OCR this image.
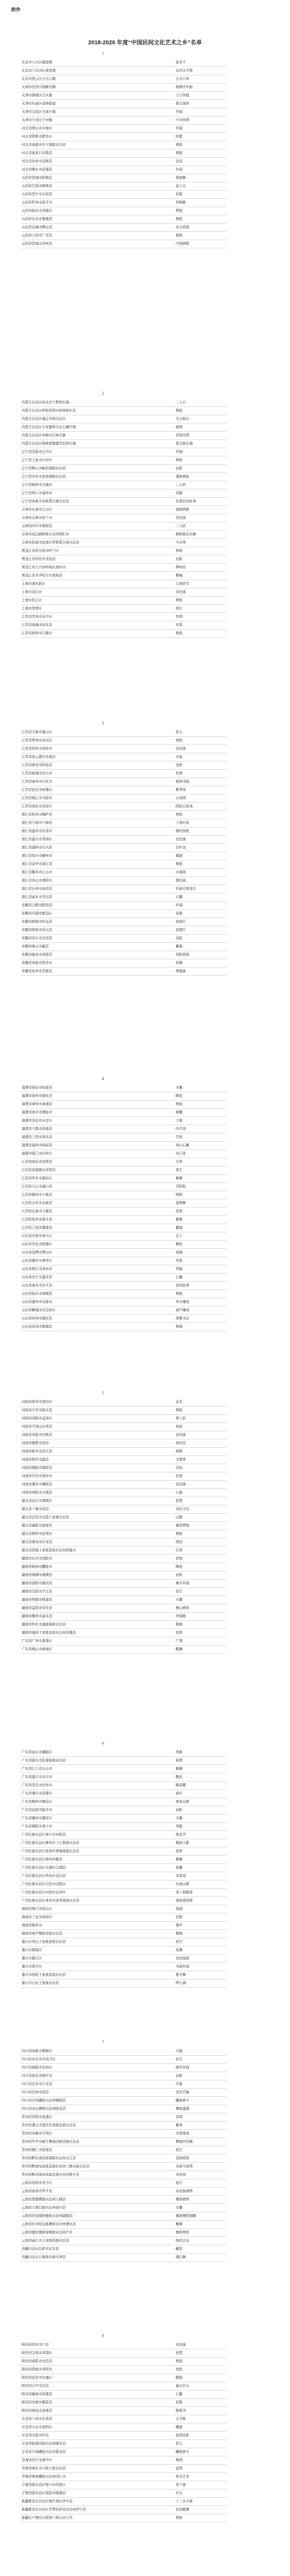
附件
2018-2020 年度“中国民间文化艺术之乡”名单
1
北京市大兴区榆垡镇	武术千
北京市门头沟区斋堂镇	京西太平鼓
北京市密云区古北口镇	古北口风
天津市西青区杨柳青镇	杨柳青年画
天津市静海区台头镇	王口炸糕
天津市东丽区金桥街道	蒙古演绎
天津市宝坻区方家庄镇	评剧
天津市宁河区宁河镇	宁河风情
河北省唐山市丰南区	评剧
河北省邯郸市肥乡区	吹歌
河北省承德市丰宁满族自治县	剪纸
河北省张家口市蔚县	剪纸
河北省沧州市吴桥县	杂技
河北省衡水市武强县	年画
山西省晋城市阳城县	蒙族舞
山西省吕梁市柳林县	盘子会
山西省晋中市左权县	民歌
山西省忻州市原平市	凤秧歌
山西省临汾市尧都区	锣鼓
山西省长治市黎城县	剪纸
山西省运城市稷山县	高台花鼓
山西省大同市广灵县	剪纸
山西省晋城市泽州县	中国秧歌
2
内蒙古自治区包头市土默特右旗	二人台
内蒙古自治区呼和浩特市和林格尔县	剪纸
内蒙古自治区通辽市科尔沁区	乌力格尔
内蒙古自治区兴安盟科尔沁右翼中旗	刺绣
内蒙古自治区赤峰市巴林右旗	草原风情
内蒙古自治区锡林郭勒盟苏尼特右旗	蒙古族长调
辽宁省沈阳市辽中区	评剧
辽宁省大连市庄河市	剪纸
辽宁省鞍山市岫岩满族自治县	皮影
辽宁省丹东市宽甸满族自治县	满族剪纸
辽宁省锦州市北镇市	二人转
辽宁省营口市盖州市	高跷
辽宁省阜新市阜新蒙古族自治县	东蒙民间故事
吉林省长春市九台区	满族秧歌
吉林省吉林市舒兰市	农民画
吉林省四平市梨树县	二人转
吉林省延边朝鲜族自治州图们市	朝鲜族农乐舞
吉林省松原市前郭尔罗斯蒙古族自治县	马头琴
黑龙江省哈尔滨市呼兰区	剪纸
黑龙江省绥化市望奎县	皮影
黑龙江省大兴安岭地区漠河市	桦树皮
黑龙江省齐齐哈尔市富裕县	柳编
上海市浦东新区	江南丝竹
上海市金山区	农民画
上海市松江区	剪纸
上海市奉贤区	滚灯
江苏省苏州市吴中区	苏绣
江苏省南通市如东县	风筝
江苏省扬州市江都区	剪纸
3
江苏省无锡市惠山区	泥人
江苏省常州市金坛区	刻纸
江苏省徐州市邳州市	农民画
江苏省连云港市东海县	水晶
江苏省淮安市盱眙县	龙虾
江苏省盐城市东台市	发绣
江苏省泰州市兴化市	板桥书画
江苏省宿迁市宿豫区	柳琴戏
江苏省镇江市丹阳市	正则绣
江苏省南京市高淳区	阳腔目连戏
浙江省杭州市桐庐县	剪纸
浙江省宁波市宁海县	十里红妆
浙江省温州市乐清市	细纹刻纸
浙江省嘉兴市秀洲区	农民画
浙江省湖州市长兴县	百叶龙
浙江省绍兴市嵊州市	越剧
浙江省金华市浦江县	剪纸
浙江省衢州市江山市	木偶戏
浙江省舟山市普陀区	渔民画
浙江省台州市仙居县	针刺无骨花灯
浙江省丽水市青田县	石雕
安徽省合肥市肥西县	庐剧
安徽省芜湖市繁昌区	民歌
安徽省蚌埠市怀远县	花鼓灯
安徽省淮南市凤台县	花鼓灯
安徽省安庆市岳西县	高腔
安徽省黄山市歙县	徽墨
安徽省滁州市凤阳县	凤阳花鼓
安徽省阜阳市界首市	彩陶
安徽省宿州市灵璧县	钟馗画
4
福建省莆田市仙游县	木雕
福建省泉州市德化县	陶瓷
福建省漳州市漳浦县	剪纸
福建省南平市建瓯市	挑幡
福建省龙岩市永定区	土楼
福建省宁德市屏南县	四平戏
福建省三明市将乐县	竹纸
福建省福州市闽侯县	寿山石雕
福建省厦门市同安区	宋江阵
江西省南昌市进贤县	毛笔
江西省景德镇市浮梁县	茶艺
江西省萍乡市湘东区	傩舞
江西省九江市湖口县	青阳腔
江西省赣州市于都县	唢呐
江西省吉安市永新县	盾牌舞
江西省宜春市万载县	花炮
江西省抚州市南丰县	傩舞
江西省上饶市婺源县	徽剧
山东省济南市章丘区	芯子
山东省青岛市即墨区	柳腔
山东省淄博市博山区	琉璃
山东省潍坊市寒亭区	风筝
山东省烟台市莱州市	草编
山东省济宁市嘉祥县	石雕
山东省泰安市东平县	民间故事
山东省临沂市郯城县	剪纸
山东省德州市乐陵市	枣木雕刻
山东省聊城市东昌府区	葫芦雕刻
山东省滨州市惠民县	胡集书会
山东省菏泽市鄄城县	鲁锦
5
河南省郑州市登封市	武术
河南省开封市尉氏县	剪纸
河南省洛阳市孟津区	唐三彩
河南省平顶山市郏县	烙画
河南省安阳市内黄县	农民画
河南省鹤壁市浚县	泥咕咕
河南省新乡市封丘县	树脂
河南省焦作市温县	太极拳
河南省濮阳市濮阳县	杂技
河南省许昌市禹州市	钧瓷
河南省漯河市舞阳县	农民画
河南省南阳市方城县	石猴
湖北省武汉市黄陂区	泥塑
湖北省十堰市房县	诗经文化
湖北省宜昌市长阳土家族自治县	山歌
湖北省襄阳市南漳县	薅草锣鼓
湖北省荆州市监利市	剪纸
湖北省黄冈市红安县	绣活
湖北省恩施土家族苗族自治州恩施市	灯戏
湖南省长沙市浏阳市	花炮
湖南省株洲市醴陵市	陶瓷
湖南省湘潭市湘潭县	皮影
湖南省邵阳市隆回县	滩头年画
湖南省岳阳市平江县	花灯
湖南省常德市桃源县	木雕
湖南省益阳市安化县	梅山剪纸
湖南省郴州市嘉禾县	伴嫁歌
湖南省怀化市通道侗族自治县	侗锦
湖南省湘西土家族苗族自治州凤凰县	苗绣
广东省广州市番禺区	广绣
广东省佛山市南海区	醒狮
6
广东省汕头市潮阳区	英歌
广东省韶关市乳源瑶族自治县	瑶绣
广东省江门市台山市	舞狮
广东省湛江市吴川市	飘色
广东省茂名市化州市	跳花棚
广东省肇庆市高要区	春社
广东省梅州市梅县区	客家山歌
广东省汕尾市陆丰市	皮影
广东省潮州市潮安区	木雕
广东省揭阳市普宁市	英歌
广西壮族自治区南宁市宾阳县	炮龙节
广西壮族自治区柳州市三江侗族自治县	侗族大歌
广西壮族自治区桂林市恭城瑶族自治县	油茶
广西壮族自治区梧州市藤县	舞狮
广西壮族自治区北海市合浦县	角雕
广西壮族自治区钦州市灵山县	采茶戏
广西壮族自治区百色市田阳区	壮族山歌
广西壮族自治区河池市宜州区	刘三姐歌谣
广西壮族自治区来宾市金秀瑶族自治县	瑶族黄泥鼓
海南省海口市琼山区	琼剧
海南省三亚市崖州区	民歌
海南省儋州市	调声
海南省琼中黎族苗族自治县	黎锦
重庆市秀山土家族苗族自治县	花灯
重庆市铜梁区	龙舞
重庆市綦江区	农民版画
重庆市梁平区	木版年画
重庆市酉阳土家族苗族自治县	摆手舞
重庆市石柱土家族自治县	啰儿调
7
四川省成都市郫都区	川剧
四川省自贡市自流井区	彩灯
四川省绵阳市安州区	绵竹年画
四川省南充市阆中市	皮影
四川省宜宾市江安县	竹簧
四川省达州市渠县	刘氏竹编
四川省甘孜藏族自治州德格县	藏族唐卡
四川省凉山彝族自治州昭觉县	彝族漆器
贵州省贵阳市花溪区	苗绣
贵州省遵义市道真仡佬族苗族自治县	傩戏
贵州省安顺市平坝区	屯堡地戏
贵州省毕节市威宁彝族回族苗族自治县	彝族铃铛舞
贵州省铜仁市思南县	花灯
贵州省黔东南苗族侗族自治州台江县	苗族银饰
贵州省黔南布依族苗族自治州三都水族自治县	水族马尾绣
贵州省黔西南布依族苗族自治州册亨县	布依戏
云南省昆明市晋宁区	花灯
云南省曲靖市罗平县	布依族刺绣
云南省楚雄彝族自治州大姚县	彝族刺绣
云南省大理白族自治州剑川县	木雕
云南省西双版纳傣族自治州勐腊县	傣族慢轮制陶
云南省红河哈尼族彝族自治州建水县	紫陶
云南省德宏傣族景颇族自治州芒市	傣族剪纸
云南省丽江市玉龙纳西族自治县	纳西古乐
西藏自治区拉萨市尼木县	藏香
西藏自治区日喀则市南木林县	湘巴舞
8
陕西省西安市户县	农民画
陕西省宝鸡市凤翔区	泥塑
陕西省咸阳市旬邑县	剪纸
陕西省渭南市华阴市	老腔
陕西省延安市安塞区	腰鼓
陕西省汉中市洋县	悬台社火
陕西省榆林市绥德县	石雕
陕西省安康市紫阳县	民歌
陕西省商洛市洛南县	静板书
甘肃省兰州市永登县	太平鼓
甘肃省天水市麦积区	雕漆
甘肃省庆阳市环县	道情皮影
甘肃省临夏回族自治州康乐县	花儿
甘肃省甘南藏族自治州夏河县	藏族唐卡
青海省西宁市湟中区	堆绣
青海省海东市互助土族自治县	盘绣
青海省黄南藏族自治州同仁市	热贡艺术
宁夏回族自治区银川市西夏区	贺兰砚
宁夏回族自治区固原市隆德县	社火
新疆维吾尔自治区喀什地区莎车县	十二木卡姆
新疆维吾尔自治区伊犁哈萨克自治州伊宁县	民间歌舞
新疆生产建设兵团第八师石河子市	剪纸
